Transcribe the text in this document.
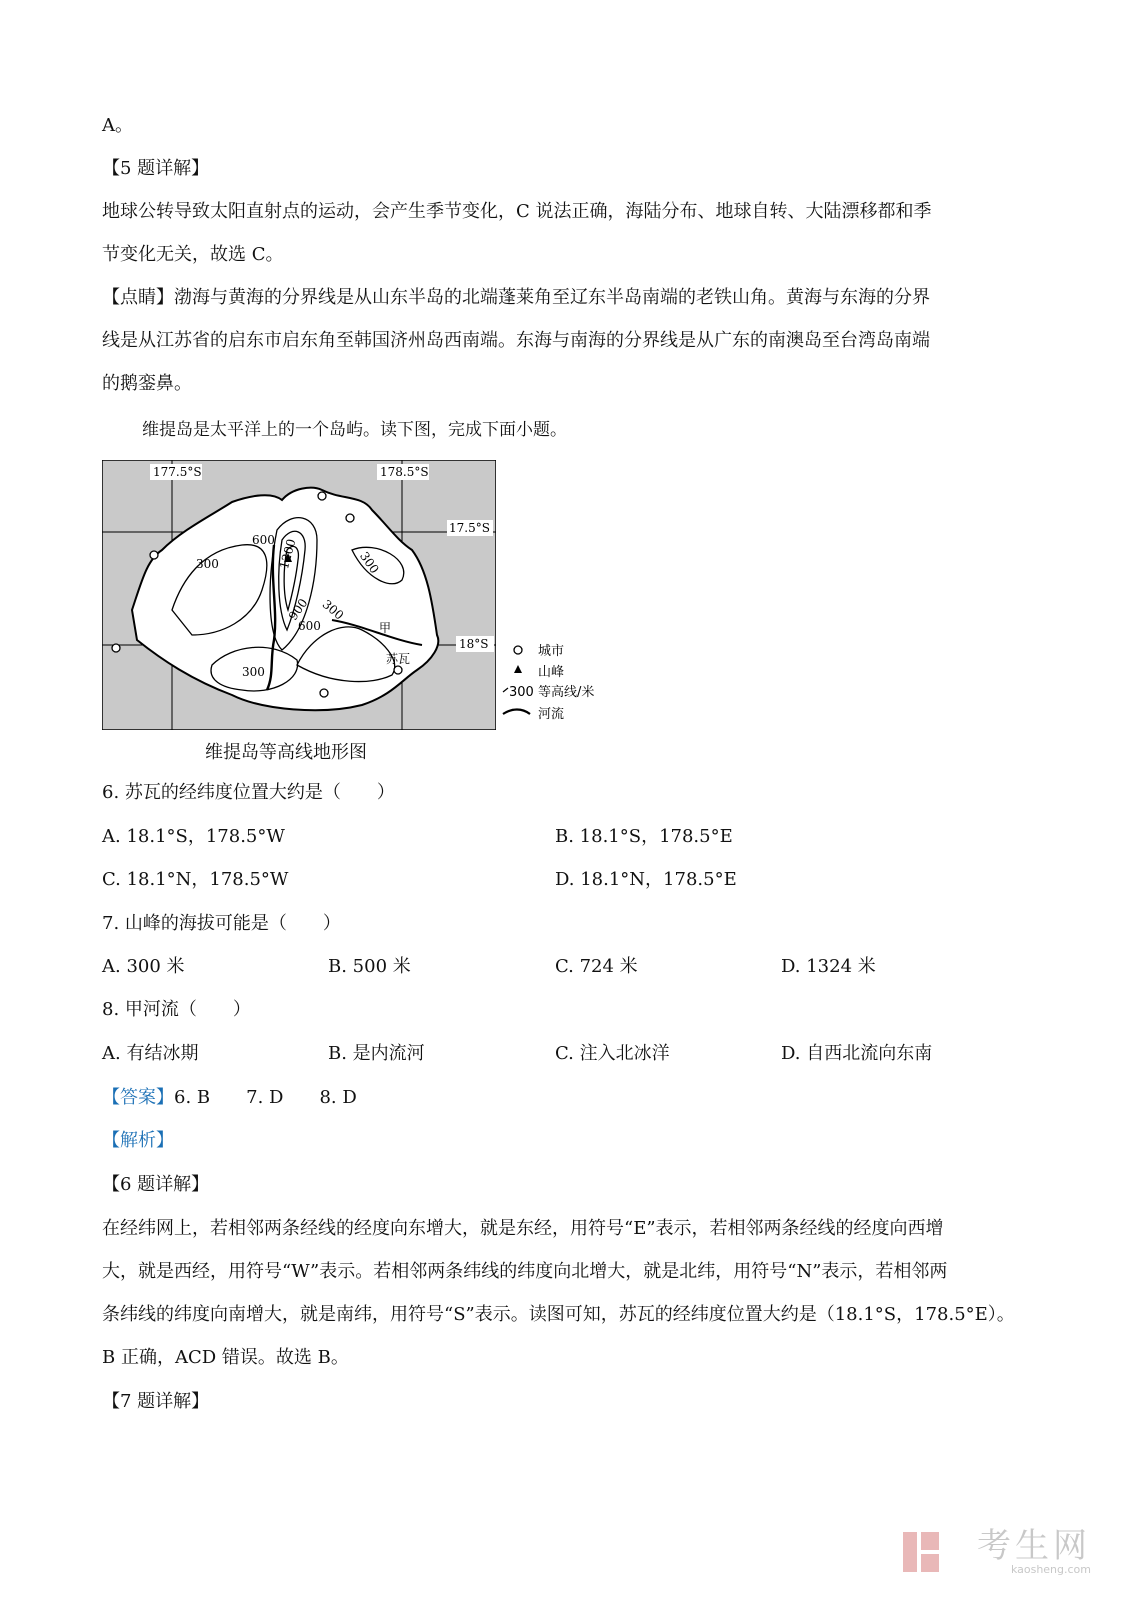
A。
【5 题详解】
地球公转导致太阳直射点的运动，会产生季节变化，C 说法正确，海陆分布、地球自转、大陆漂移都和季
节变化无关，故选 C。
【点睛】渤海与黄海的分界线是从山东半岛的北端蓬莱角至辽东半岛南端的老铁山角。黄海与东海的分界
线是从江苏省的启东市启东角至韩国济州岛西南端。东海与南海的分界线是从广东的南澳岛至台湾岛南端
的鹅銮鼻。
维提岛是太平洋上的一个岛屿。读下图，完成下面小题。
177.5°S	178.5°S
17.5°S
18°S
300	300
300
300
600
600
900
1200
甲
苏瓦	城市
山峰
300 等高线/米
河流
维提岛等高线地形图
6. 苏瓦的经纬度位置大约是（　　）
A. 18.1°S，178.5°W	B. 18.1°S，178.5°E
C. 18.1°N，178.5°W	D. 18.1°N，178.5°E
7. 山峰的海拔可能是（　　）
A. 300 米	B. 500 米	C. 724 米	D. 1324 米
8. 甲河流（　　）
A. 有结冰期	B. 是内流河	C. 注入北冰洋	D. 自西北流向东南
【答案】6. B　　7. D　　8. D
【解析】
【6 题详解】
在经纬网上，若相邻两条经线的经度向东增大，就是东经，用符号“E”表示，若相邻两条经线的经度向西增
大，就是西经，用符号“W”表示。若相邻两条纬线的纬度向北增大，就是北纬，用符号“N”表示，若相邻两
条纬线的纬度向南增大，就是南纬，用符号“S”表示。读图可知，苏瓦的经纬度位置大约是（18.1°S，178.5°E）。
B 正确，ACD 错误。故选 B。
【7 题详解】
考生网
kaosheng.com
